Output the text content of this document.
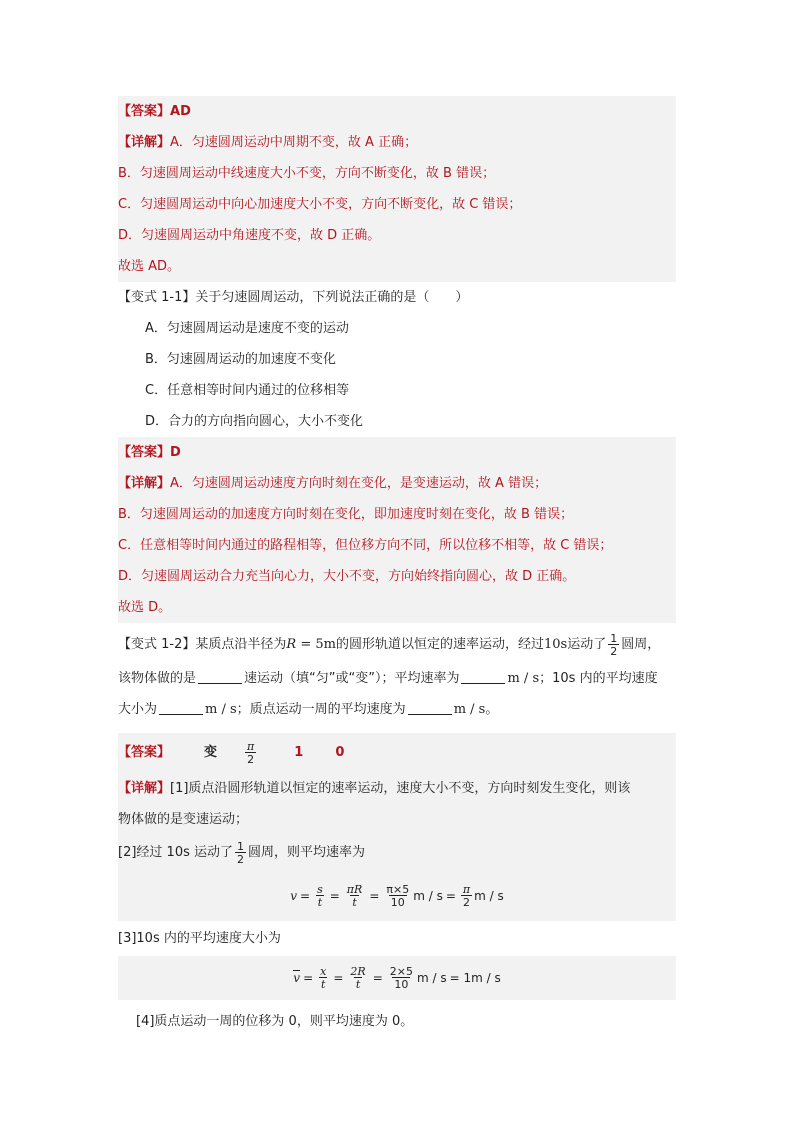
【答案】AD
【详解】A．匀速圆周运动中周期不变，故 A 正确；
B．匀速圆周运动中线速度大小不变，方向不断变化，故 B 错误；
C．匀速圆周运动中向心加速度大小不变，方向不断变化，故 C 错误；
D．匀速圆周运动中角速度不变，故 D 正确。
故选 AD。
【变式 1-1】关于匀速圆周运动，下列说法正确的是（　　）
A．匀速圆周运动是速度不变的运动
B．匀速圆周运动的加速度不变化
C．任意相等时间内通过的位移相等
D．合力的方向指向圆心，大小不变化
【答案】D
【详解】A．匀速圆周运动速度方向时刻在变化，是变速运动，故 A 错误；
B．匀速圆周运动的加速度方向时刻在变化，即加速度时刻在变化，故 B 错误；
C．任意相等时间内通过的路程相等，但位移方向不同，所以位移不相等，故 C 错误；
D．匀速圆周运动合力充当向心力，大小不变，方向始终指向圆心，故 D 正确。
故选 D。
【变式 1-2】某质点沿半径为R = 5m的圆形轨道以恒定的速率运动，经过10s运动了 $\frac{1}{2}$ 圆周，
该物体做的是	速运动（填“匀”或“变”）；平均速率为	m / s；10s 内的平均速度
大小为	m / s；质点运动一周的平均速度为	m / s。
【答案】	变	$\frac{\pi}{2}$	1 0
【详解】[1]质点沿圆形轨道以恒定的速率运动，速度大小不变，方向时刻发生变化，则该
物体做的是变速运动；
[2]经过 10s 运动了 $\frac{1}{2}$ 圆周，则平均速率为
$v = \frac{s}{t} = \frac{\pi R}{t} = \frac{\pi\times 5}{10}$ $m / s = \frac{\pi}{2}$ m / s
[3]10s 内的平均速度大小为
$v = \frac{x}{t} = \frac{2R}{t} = \frac{2\times 5}{10}$ m / s = 1m / s
[4]质点运动一周的位移为 0，则平均速度为 0。
